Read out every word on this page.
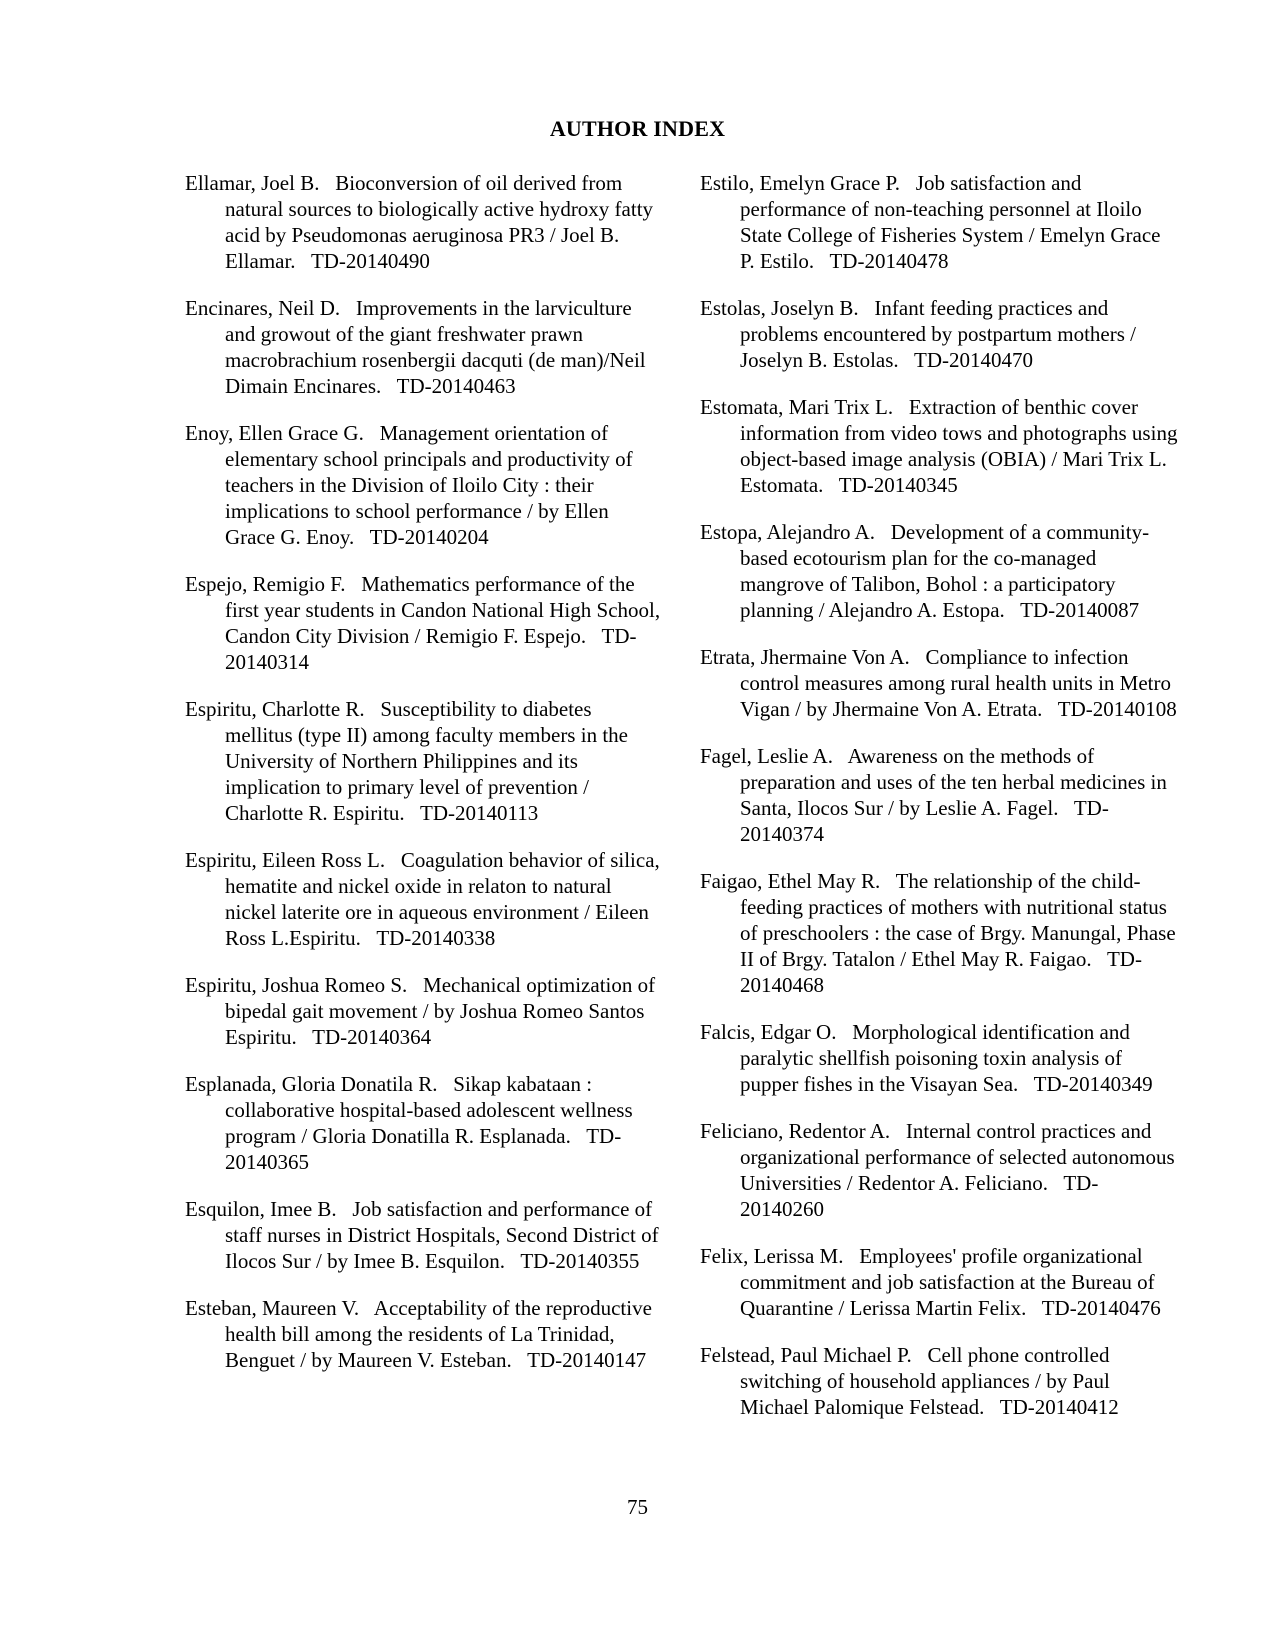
AUTHOR INDEX

Ellamar, Joel B. Bioconversion of oil derived from natural sources to biologically active hydroxy fatty acid by Pseudomonas aeruginosa PR3 / Joel B. Ellamar. TD-20140490

Encinares, Neil D. Improvements in the larviculture and growout of the giant freshwater prawn macrobrachium rosenbergii dacquti (de man)/Neil Dimain Encinares. TD-20140463

Enoy, Ellen Grace G. Management orientation of elementary school principals and productivity of teachers in the Division of Iloilo City : their implications to school performance / by Ellen Grace G. Enoy. TD-20140204

Espejo, Remigio F. Mathematics performance of the first year students in Candon National High School, Candon City Division / Remigio F. Espejo. TD-20140314

Espiritu, Charlotte R. Susceptibility to diabetes mellitus (type II) among faculty members in the University of Northern Philippines and its implication to primary level of prevention / Charlotte R. Espiritu. TD-20140113

Espiritu, Eileen Ross L. Coagulation behavior of silica, hematite and nickel oxide in relaton to natural nickel laterite ore in aqueous environment / Eileen Ross L.Espiritu. TD-20140338

Espiritu, Joshua Romeo S. Mechanical optimization of bipedal gait movement / by Joshua Romeo Santos Espiritu. TD-20140364

Esplanada, Gloria Donatila R. Sikap kabataan : collaborative hospital-based adolescent wellness program / Gloria Donatilla R. Esplanada. TD-20140365

Esquilon, Imee B. Job satisfaction and performance of staff nurses in District Hospitals, Second District of Ilocos Sur / by Imee B. Esquilon. TD-20140355

Esteban, Maureen V. Acceptability of the reproductive health bill among the residents of La Trinidad, Benguet / by Maureen V. Esteban. TD-20140147

Estilo, Emelyn Grace P. Job satisfaction and performance of non-teaching personnel at Iloilo State College of Fisheries System / Emelyn Grace P. Estilo. TD-20140478

Estolas, Joselyn B. Infant feeding practices and problems encountered by postpartum mothers / Joselyn B. Estolas. TD-20140470

Estomata, Mari Trix L. Extraction of benthic cover information from video tows and photographs using object-based image analysis (OBIA) / Mari Trix L. Estomata. TD-20140345

Estopa, Alejandro A. Development of a community-based ecotourism plan for the co-managed mangrove of Talibon, Bohol : a participatory planning / Alejandro A. Estopa. TD-20140087

Etrata, Jhermaine Von A. Compliance to infection control measures among rural health units in Metro Vigan / by Jhermaine Von A. Etrata. TD-20140108

Fagel, Leslie A. Awareness on the methods of preparation and uses of the ten herbal medicines in Santa, Ilocos Sur / by Leslie A. Fagel. TD-20140374

Faigao, Ethel May R. The relationship of the child-feeding practices of mothers with nutritional status of preschoolers : the case of Brgy. Manungal, Phase II of Brgy. Tatalon / Ethel May R. Faigao. TD-20140468

Falcis, Edgar O. Morphological identification and paralytic shellfish poisoning toxin analysis of pupper fishes in the Visayan Sea. TD-20140349

Feliciano, Redentor A. Internal control practices and organizational performance of selected autonomous Universities / Redentor A. Feliciano. TD-20140260

Felix, Lerissa M. Employees' profile organizational commitment and job satisfaction at the Bureau of Quarantine / Lerissa Martin Felix. TD-20140476

Felstead, Paul Michael P. Cell phone controlled switching of household appliances / by Paul Michael Palomique Felstead. TD-20140412

75
